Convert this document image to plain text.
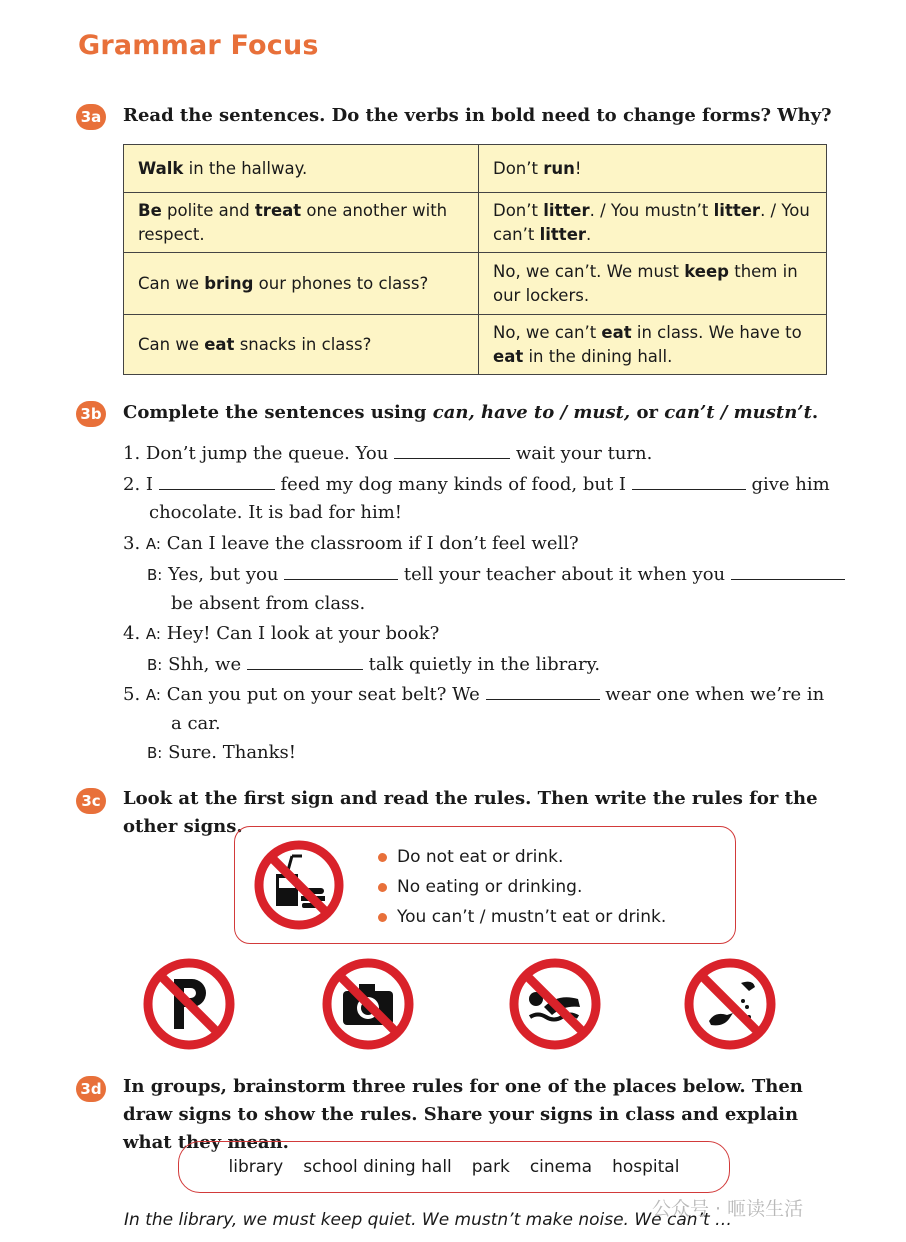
Grammar Focus
3a Read the sentences. Do the verbs in bold need to change forms? Why?
Walk in the hallway.	Don’t run!
Be polite and treat one another with respect.	Don’t litter. / You mustn’t litter. / You can’t litter.
Can we bring our phones to class?	No, we can’t. We must keep them in our lockers.
Can we eat snacks in class?	No, we can’t eat in class. We have to eat in the dining hall.
3b Complete the sentences using can, have to / must, or can’t / mustn’t.
1. Don’t jump the queue. You	wait your turn.
2. I	feed my dog many kinds of food, but I	give him
chocolate. It is bad for him!
3. A: Can I leave the classroom if I don’t feel well?
B: Yes, but you	tell your teacher about it when you
be absent from class.
4. A: Hey! Can I look at your book?
B: Shh, we	talk quietly in the library.
5. A: Can you put on your seat belt? We	wear one when we’re in
a car.
B: Sure. Thanks!
3c Look at the first sign and read the rules. Then write the rules for the other signs.
Do not eat or drink.
No eating or drinking.
You can’t / mustn’t eat or drink.
3d In groups, brainstorm three rules for one of the places below. Then draw signs to show the rules. Share your signs in class and explain what they mean.
library school dining hall park cinema hospital
In the library, we must keep quiet. We mustn’t make noise. We can’t …
公众号 · 咂读生活
